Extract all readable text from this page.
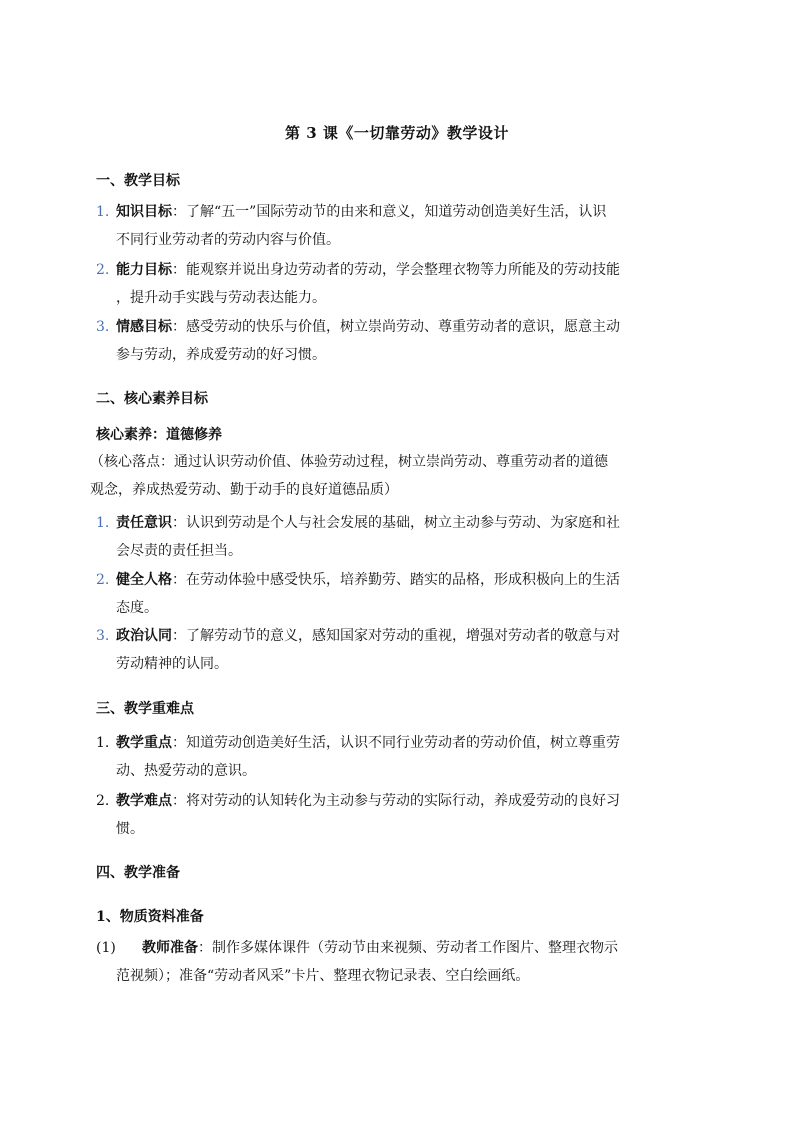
第 3 课《一切靠劳动》教学设计
一、教学目标
1. 知识目标：了解“五一”国际劳动节的由来和意义，知道劳动创造美好生活，认识
不同行业劳动者的劳动内容与价值。
2. 能力目标：能观察并说出身边劳动者的劳动，学会整理衣物等力所能及的劳动技能
，提升动手实践与劳动表达能力。
3. 情感目标：感受劳动的快乐与价值，树立崇尚劳动、尊重劳动者的意识，愿意主动
参与劳动，养成爱劳动的好习惯。
二、核心素养目标
核心素养：道德修养
（核心落点：通过认识劳动价值、体验劳动过程，树立崇尚劳动、尊重劳动者的道德
观念，养成热爱劳动、勤于动手的良好道德品质）
1. 责任意识：认识到劳动是个人与社会发展的基础，树立主动参与劳动、为家庭和社
会尽责的责任担当。
2. 健全人格：在劳动体验中感受快乐，培养勤劳、踏实的品格，形成积极向上的生活
态度。
3. 政治认同：了解劳动节的意义，感知国家对劳动的重视，增强对劳动者的敬意与对
劳动精神的认同。
三、教学重难点
1. 教学重点：知道劳动创造美好生活，认识不同行业劳动者的劳动价值，树立尊重劳
动、热爱劳动的意识。
2. 教学难点：将对劳动的认知转化为主动参与劳动的实际行动，养成爱劳动的良好习
惯。
四、教学准备
1、物质资料准备
(1)	教师准备：制作多媒体课件（劳动节由来视频、劳动者工作图片、整理衣物示
范视频）；准备“劳动者风采”卡片、整理衣物记录表、空白绘画纸。
